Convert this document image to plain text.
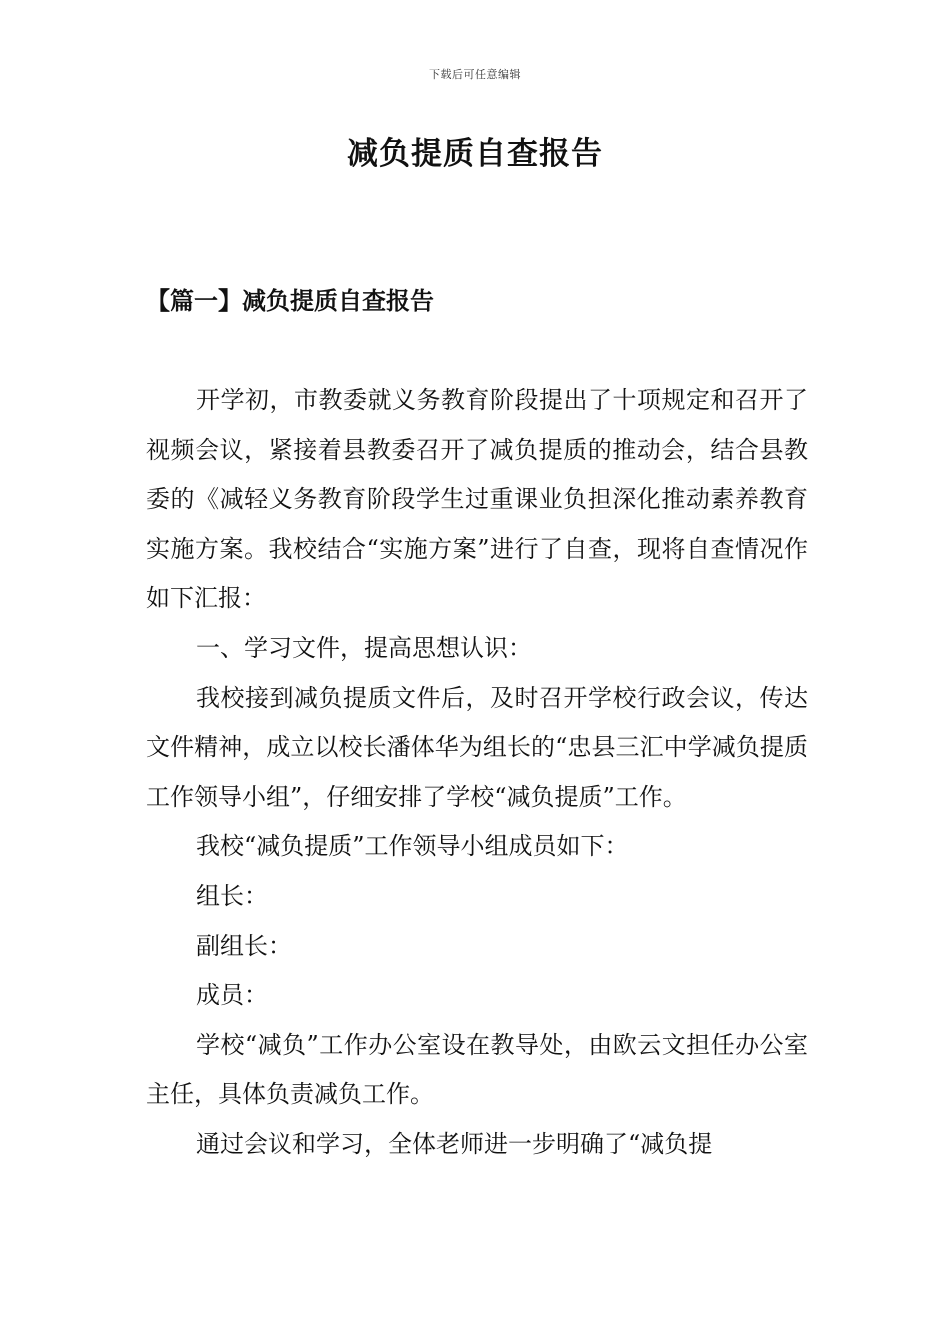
下载后可任意编辑
减负提质自查报告
【篇一】减负提质自查报告

开学初，市教委就义务教育阶段提出了十项规定和召开了视频会议，紧接着县教委召开了减负提质的推动会，结合县教委的《减轻义务教育阶段学生过重课业负担深化推动素养教育实施方案。我校结合“实施方案”进行了自查，现将自查情况作如下汇报：

一、学习文件，提高思想认识：

我校接到减负提质文件后，及时召开学校行政会议，传达文件精神，成立以校长潘体华为组长的“忠县三汇中学减负提质工作领导小组”，仔细安排了学校“减负提质”工作。

我校“减负提质”工作领导小组成员如下：

组长：

副组长：

成员：

学校“减负”工作办公室设在教导处，由欧云文担任办公室主任，具体负责减负工作。

通过会议和学习，全体老师进一步明确了“减负提
